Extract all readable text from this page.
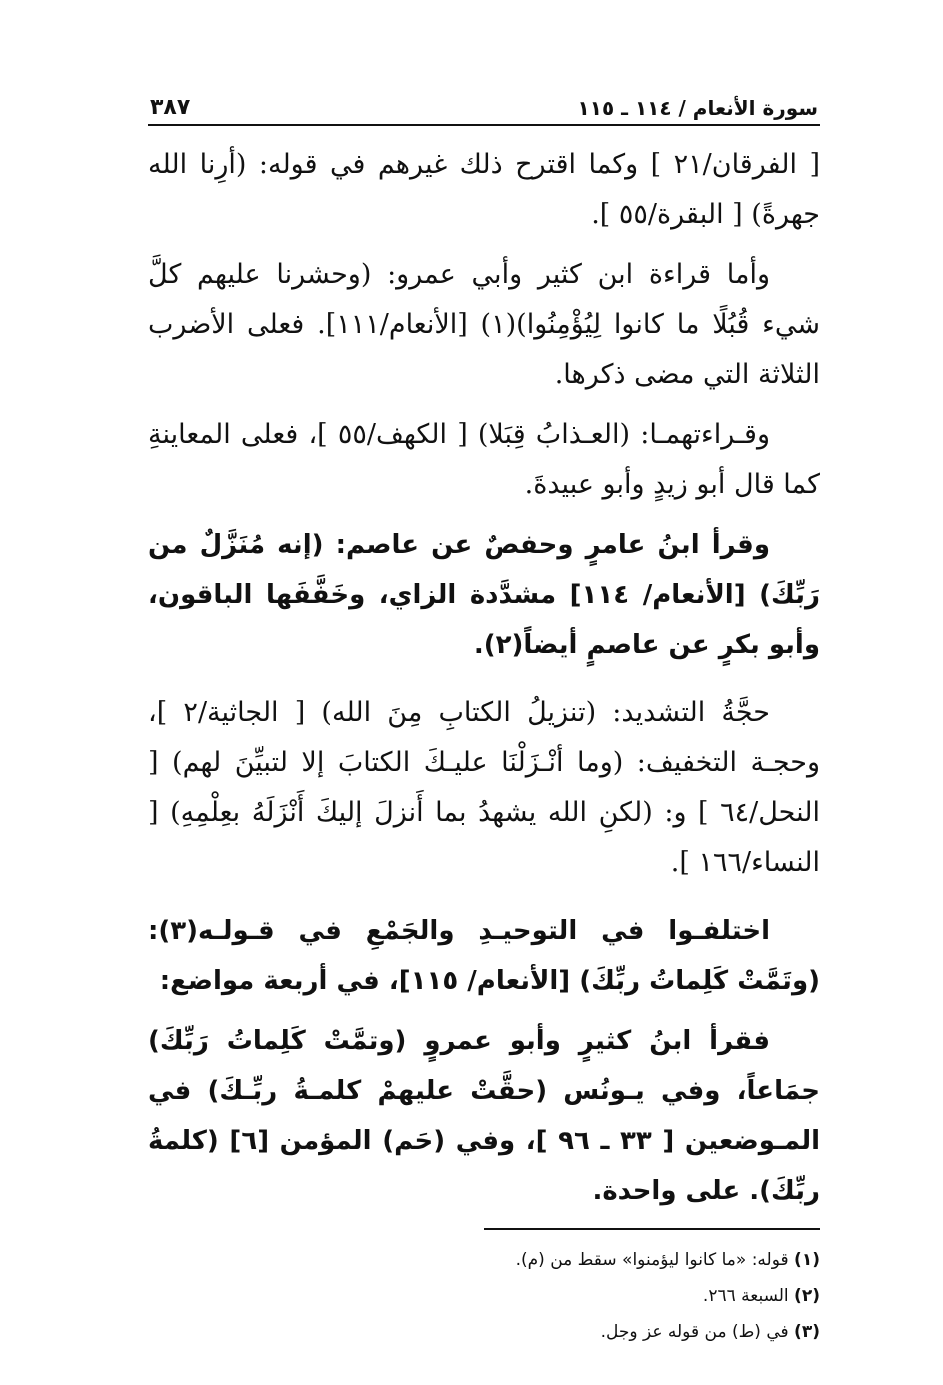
سورة الأنعام / ١١٤ ـ ١١٥
٣٨٧

[ الفرقان/٢١ ] وكما اقترح ذلك غيرهم في قوله: (أرِنا الله جهرةً) [ البقرة/٥٥ ].

وأما قراءة ابن كثير وأبي عمرو: (وحشرنا عليهم كلَّ شيء قُبُلًا ما كانوا لِيُؤْمِنُوا)(١) [الأنعام/١١١]. فعلى الأضرب الثلاثة التي مضى ذكرها.

وقـراءتهمـا: (العـذابُ قِبَلا) [ الكهف/٥٥ ]، فعلى المعاينةِ كما قال أبو زيدٍ وأبو عبيدةَ.

وقرأ ابنُ عامرٍ وحفصٌ عن عاصم: (إنه مُنَزَّلٌ من رَبِّكَ) [الأنعام/ ١١٤] مشدَّدة الزاي، وخَفَّفَها الباقون، وأبو بكرٍ عن عاصمٍ أيضاً(٢).

حجَّةُ التشديد: (تنزيلُ الكتابِ مِنَ الله) [ الجاثية/٢ ]، وحجـة التخفيف: (وما أنْـزَلْنَا عليـكَ الكتابَ إلا لتبيِّنَ لهم) [ النحل/٦٤ ] و: (لكنِ الله يشهدُ بما أَنزلَ إليكَ أَنْزَلَهُ بعِلْمِهِ) [ النساء/١٦٦ ].

اختلفـوا في التوحيـدِ والجَمْعِ في قـولـه(٣): (وتَمَّتْ كَلِماتُ ربِّكَ) [الأنعام/ ١١٥]، في أربعة مواضع:

فقرأ ابنُ كثيرٍ وأبو عمروٍ (وتمَّتْ كَلِماتُ رَبِّكَ) جمَاعاً، وفي يـونُس (حقَّتْ عليهمْ كلمـةُ ربِّـكَ) في المـوضعين [ ٣٣ ـ ٩٦ ]، وفي (حَم) المؤمن [٦] (كلمةُ ربِّكَ). على واحدة.

(١) قوله: «ما كانوا ليؤمنوا» سقط من (م).
(٢) السبعة ٢٦٦.
(٣) في (ط) من قوله عز وجل.
